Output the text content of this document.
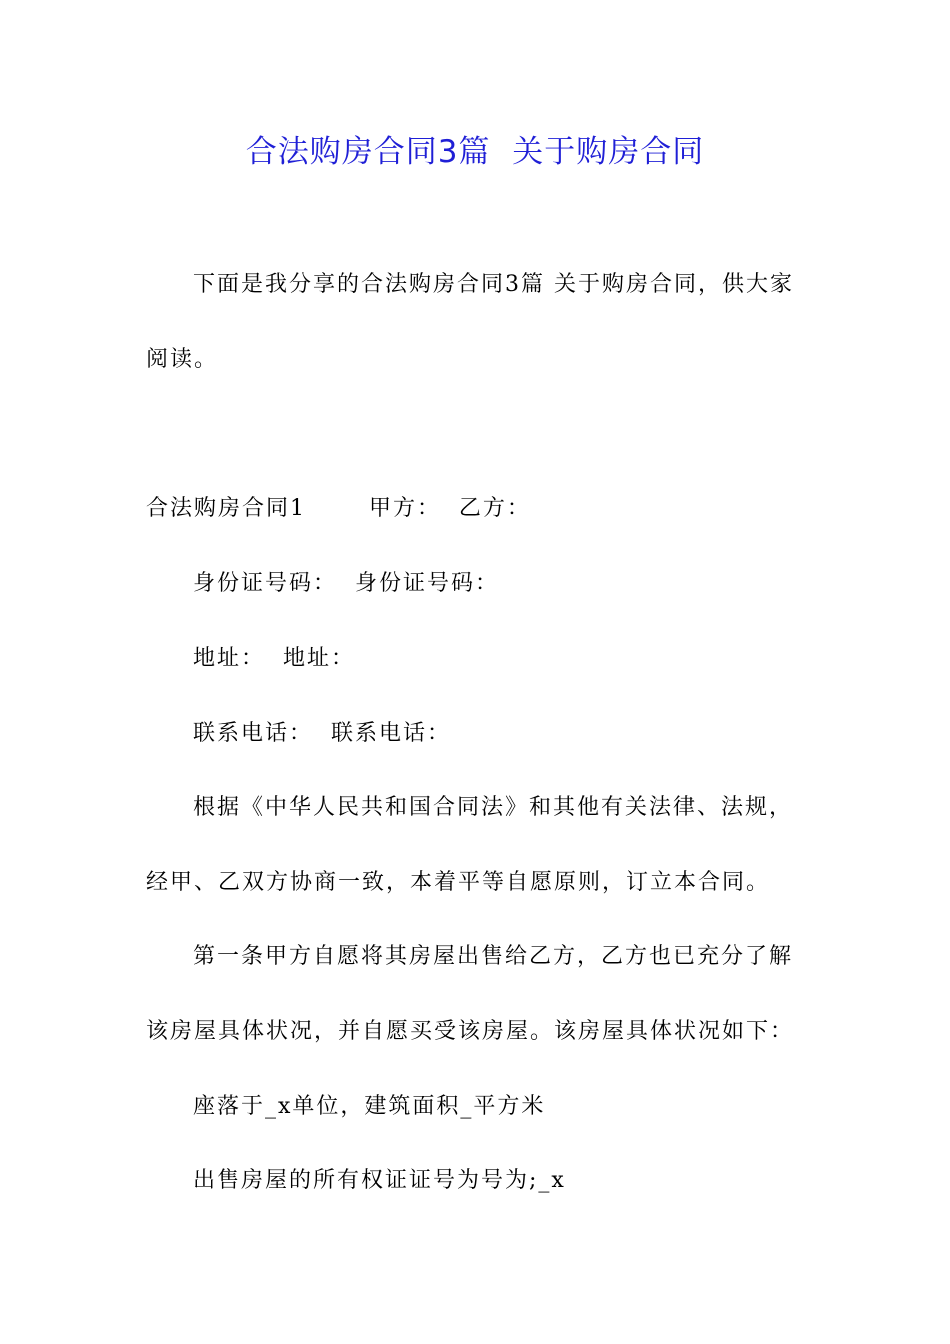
合法购房合同3篇  关于购房合同
下面是我分享的合法购房合同3篇 关于购房合同，供大家
阅读。
合法购房合同1       甲方：  乙方：
身份证号码：  身份证号码：
地址：  地址：
联系电话：  联系电话：
根据《中华人民共和国合同法》和其他有关法律、法规，
经甲、乙双方协商一致，本着平等自愿原则，订立本合同。
第一条甲方自愿将其房屋出售给乙方，乙方也已充分了解
该房屋具体状况，并自愿买受该房屋。该房屋具体状况如下：
座落于_x单位，建筑面积_平方米
出售房屋的所有权证证号为号为;_x
